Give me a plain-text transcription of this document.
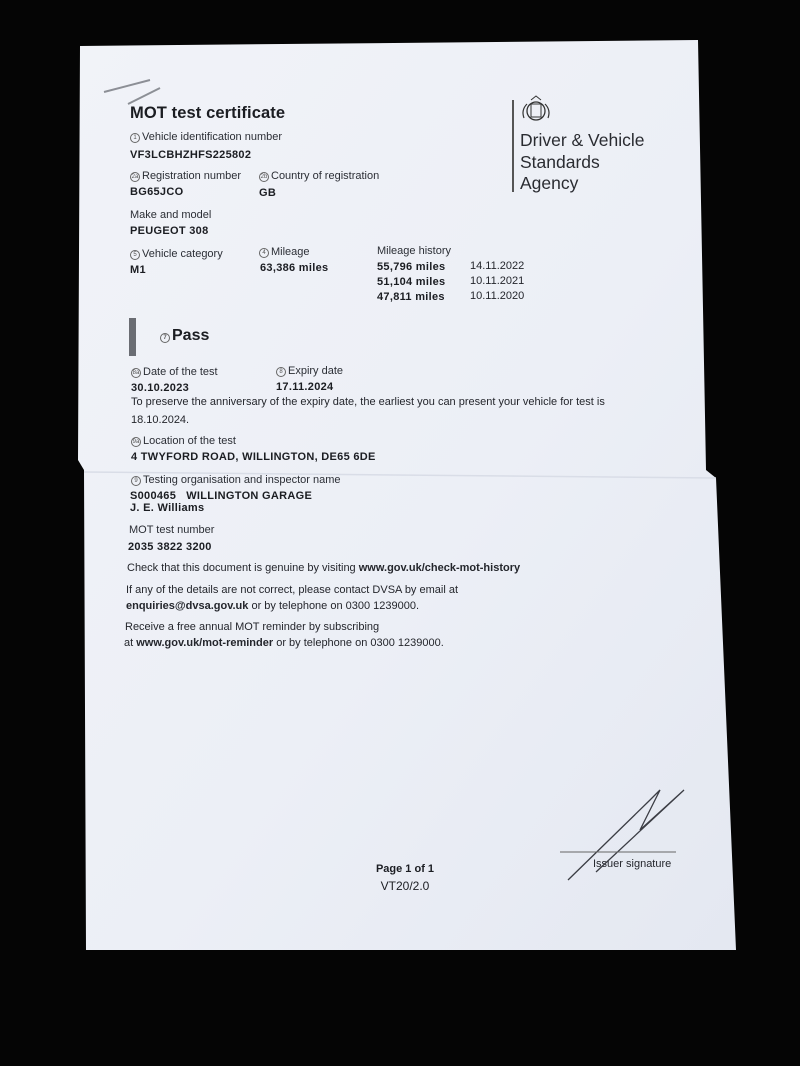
MOT test certificate
Driver & Vehicle
Standards
Agency
1 Vehicle identification number
VF3LCBHZHFS225802
2a Registration number
BG65JCO
2b Country of registration
GB
Make and model
PEUGEOT 308
5 Vehicle category
M1
4 Mileage
63,386 miles
Mileage history
55,796 miles 14.11.2022
51,104 miles 10.11.2021
47,811 miles 10.11.2020
7 Pass
8a Date of the test
30.10.2023
8 Expiry date
17.11.2024
To preserve the anniversary of the expiry date, the earliest you can present your vehicle for test is
18.10.2024.
9a Location of the test
4 TWYFORD ROAD, WILLINGTON, DE65 6DE
9 Testing organisation and inspector name
S000465   WILLINGTON GARAGE
J. E. Williams
MOT test number
2035 3822 3200
Check that this document is genuine by visiting www.gov.uk/check-mot-history
If any of the details are not correct, please contact DVSA by email at
enquiries@dvsa.gov.uk or by telephone on 0300 1239000.
Receive a free annual MOT reminder by subscribing
at www.gov.uk/mot-reminder or by telephone on 0300 1239000.
Page 1 of 1
VT20/2.0
Issuer signature
